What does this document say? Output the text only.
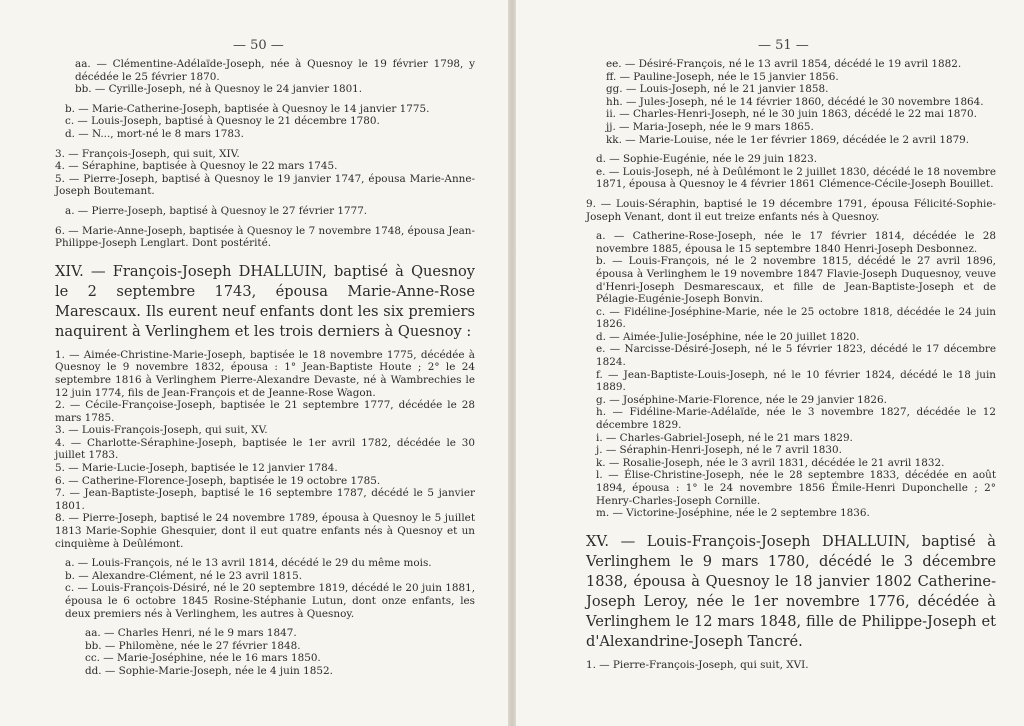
— 50 —

aa. — Clémentine-Adélaïde-Joseph, née à Quesnoy le 19 février 1798, y décédée le 25 février 1870.

bb. — Cyrille-Joseph, né à Quesnoy le 24 janvier 1801.

b. — Marie-Catherine-Joseph, baptisée à Quesnoy le 14 janvier 1775.

c. — Louis-Joseph, baptisé à Quesnoy le 21 décembre 1780.

d. — N..., mort-né le 8 mars 1783.

3. — François-Joseph, qui suit, XIV.

4. — Séraphine, baptisée à Quesnoy le 22 mars 1745.

5. — Pierre-Joseph, baptisé à Quesnoy le 19 janvier 1747, épousa Marie-Anne-Joseph Boutemant.

a. — Pierre-Joseph, baptisé à Quesnoy le 27 février 1777.

6. — Marie-Anne-Joseph, baptisée à Quesnoy le 7 novembre 1748, épousa Jean-Philippe-Joseph Lenglart. Dont postérité.

XIV. — François-Joseph DHALLUIN, baptisé à Quesnoy le 2 septembre 1743, épousa Marie-Anne-Rose Marescaux. Ils eurent neuf enfants dont les six premiers naquirent à Verlinghem et les trois derniers à Quesnoy :

1. — Aimée-Christine-Marie-Joseph, baptisée le 18 novembre 1775, décédée à Quesnoy le 9 novembre 1832, épousa : 1° Jean-Baptiste Houte ; 2° le 24 septembre 1816 à Verlinghem Pierre-Alexandre Devaste, né à Wambrechies le 12 juin 1774, fils de Jean-François et de Jeanne-Rose Wagon.

2. — Cécile-Françoise-Joseph, baptisée le 21 septembre 1777, décédée le 28 mars 1785.

3. — Louis-François-Joseph, qui suit, XV.

4. — Charlotte-Séraphine-Joseph, baptisée le 1er avril 1782, décédée le 30 juillet 1783.

5. — Marie-Lucie-Joseph, baptisée le 12 janvier 1784.

6. — Catherine-Florence-Joseph, baptisée le 19 octobre 1785.

7. — Jean-Baptiste-Joseph, baptisé le 16 septembre 1787, décédé le 5 janvier 1801.

8. — Pierre-Joseph, baptisé le 24 novembre 1789, épousa à Quesnoy le 5 juillet 1813 Marie-Sophie Ghesquier, dont il eut quatre enfants nés à Quesnoy et un cinquième à Deûlémont.

a. — Louis-François, né le 13 avril 1814, décédé le 29 du même mois.

b. — Alexandre-Clément, né le 23 avril 1815.

c. — Louis-François-Désiré, né le 20 septembre 1819, décédé le 20 juin 1881, épousa le 6 octobre 1845 Rosine-Stéphanie Lutun, dont onze enfants, les deux premiers nés à Verlinghem, les autres à Quesnoy.

aa. — Charles Henri, né le 9 mars 1847.

bb. — Philomène, née le 27 février 1848.

cc. — Marie-Joséphine, née le 16 mars 1850.

dd. — Sophie-Marie-Joseph, née le 4 juin 1852.

— 51 —

ee. — Désiré-François, né le 13 avril 1854, décédé le 19 avril 1882.

ff. — Pauline-Joseph, née le 15 janvier 1856.

gg. — Louis-Joseph, né le 21 janvier 1858.

hh. — Jules-Joseph, né le 14 février 1860, décédé le 30 novembre 1864.

ii. — Charles-Henri-Joseph, né le 30 juin 1863, décédé le 22 mai 1870.

jj. — Maria-Joseph, née le 9 mars 1865.

kk. — Marie-Louise, née le 1er février 1869, décédée le 2 avril 1879.

d. — Sophie-Eugénie, née le 29 juin 1823.

e. — Louis-Joseph, né à Deûlémont le 2 juillet 1830, décédé le 18 novembre 1871, épousa à Quesnoy le 4 février 1861 Clémence-Cécile-Joseph Bouillet.

9. — Louis-Séraphin, baptisé le 19 décembre 1791, épousa Félicité-Sophie-Joseph Venant, dont il eut treize enfants nés à Quesnoy.

a. — Catherine-Rose-Joseph, née le 17 février 1814, décédée le 28 novembre 1885, épousa le 15 septembre 1840 Henri-Joseph Desbonnez.

b. — Louis-François, né le 2 novembre 1815, décédé le 27 avril 1896, épousa à Verlinghem le 19 novembre 1847 Flavie-Joseph Duquesnoy, veuve d'Henri-Joseph Desmarescaux, et fille de Jean-Baptiste-Joseph et de Pélagie-Eugénie-Joseph Bonvin.

c. — Fidéline-Joséphine-Marie, née le 25 octobre 1818, décédée le 24 juin 1826.

d. — Aimée-Julie-Joséphine, née le 20 juillet 1820.

e. — Narcisse-Désiré-Joseph, né le 5 février 1823, décédé le 17 décembre 1824.

f. — Jean-Baptiste-Louis-Joseph, né le 10 février 1824, décédé le 18 juin 1889.

g. — Joséphine-Marie-Florence, née le 29 janvier 1826.

h. — Fidéline-Marie-Adélaïde, née le 3 novembre 1827, décédée le 12 décembre 1829.

i. — Charles-Gabriel-Joseph, né le 21 mars 1829.

j. — Séraphin-Henri-Joseph, né le 7 avril 1830.

k. — Rosalie-Joseph, née le 3 avril 1831, décédée le 21 avril 1832.

l. — Élise-Christine-Joseph, née le 28 septembre 1833, décédée en août 1894, épousa : 1° le 24 novembre 1856 Émile-Henri Duponchelle ; 2° Henry-Charles-Joseph Cornille.

m. — Victorine-Joséphine, née le 2 septembre 1836.

XV. — Louis-François-Joseph DHALLUIN, baptisé à Verlinghem le 9 mars 1780, décédé le 3 décembre 1838, épousa à Quesnoy le 18 janvier 1802 Catherine-Joseph Leroy, née le 1er novembre 1776, décédée à Verlinghem le 12 mars 1848, fille de Philippe-Joseph et d'Alexandrine-Joseph Tancré.

1. — Pierre-François-Joseph, qui suit, XVI.
